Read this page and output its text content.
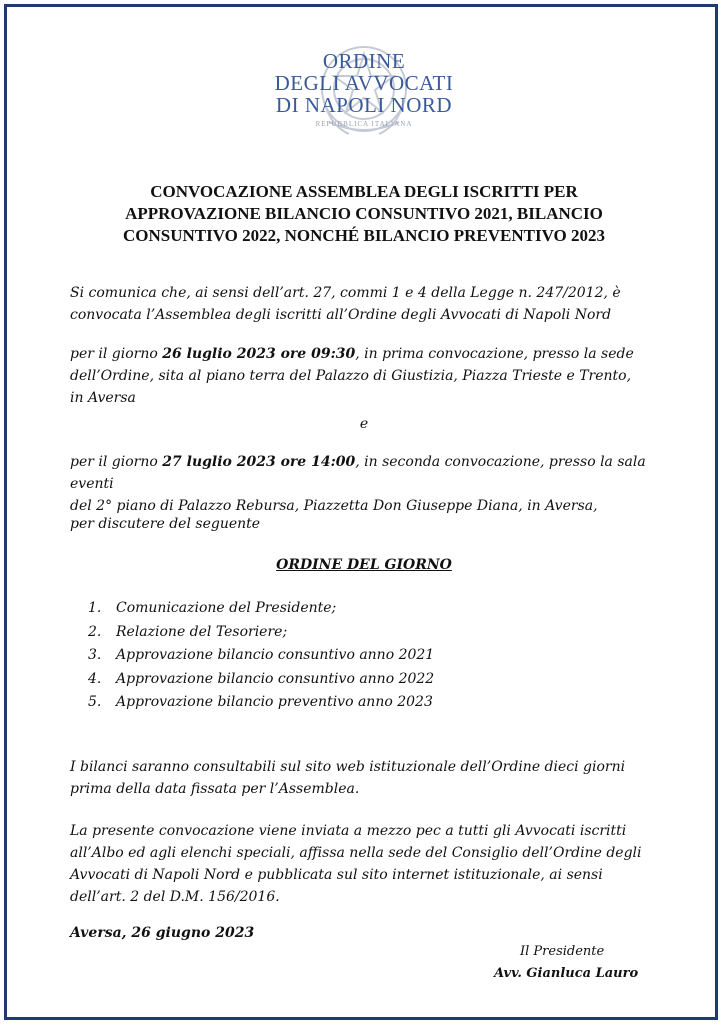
ORDINE
DEGLI AVVOCATI
DI NAPOLI NORD
REPUBBLICA ITALIANA
CONVOCAZIONE ASSEMBLEA DEGLI ISCRITTI PER
APPROVAZIONE BILANCIO CONSUNTIVO 2021, BILANCIO
CONSUNTIVO 2022, NONCHÉ BILANCIO PREVENTIVO 2023
Si comunica che, ai sensi dell’art. 27, commi 1 e 4 della Legge n. 247/2012, è
convocata l’Assemblea degli iscritti all’Ordine degli Avvocati di Napoli Nord
per il giorno 26 luglio 2023 ore 09:30, in prima convocazione, presso la sede
dell’Ordine, sita al piano terra del Palazzo di Giustizia, Piazza Trieste e Trento,
in Aversa
e
per il giorno 27 luglio 2023 ore 14:00, in seconda convocazione, presso la sala eventi
del 2° piano di Palazzo Rebursa, Piazzetta Don Giuseppe Diana, in Aversa,
per discutere del seguente
ORDINE DEL GIORNO
1.	Comunicazione del Presidente;
2.	Relazione del Tesoriere;
3.	Approvazione bilancio consuntivo anno 2021
4.	Approvazione bilancio consuntivo anno 2022
5.	Approvazione bilancio preventivo anno 2023
I bilanci saranno consultabili sul sito web istituzionale dell’Ordine dieci giorni
prima della data fissata per l’Assemblea.
La presente convocazione viene inviata a mezzo pec a tutti gli Avvocati iscritti
all’Albo ed agli elenchi speciali, affissa nella sede del Consiglio dell’Ordine degli
Avvocati di Napoli Nord e pubblicata sul sito internet istituzionale, ai sensi
dell’art. 2 del D.M. 156/2016.
Aversa, 26 giugno 2023
Il Presidente
Avv. Gianluca Lauro
